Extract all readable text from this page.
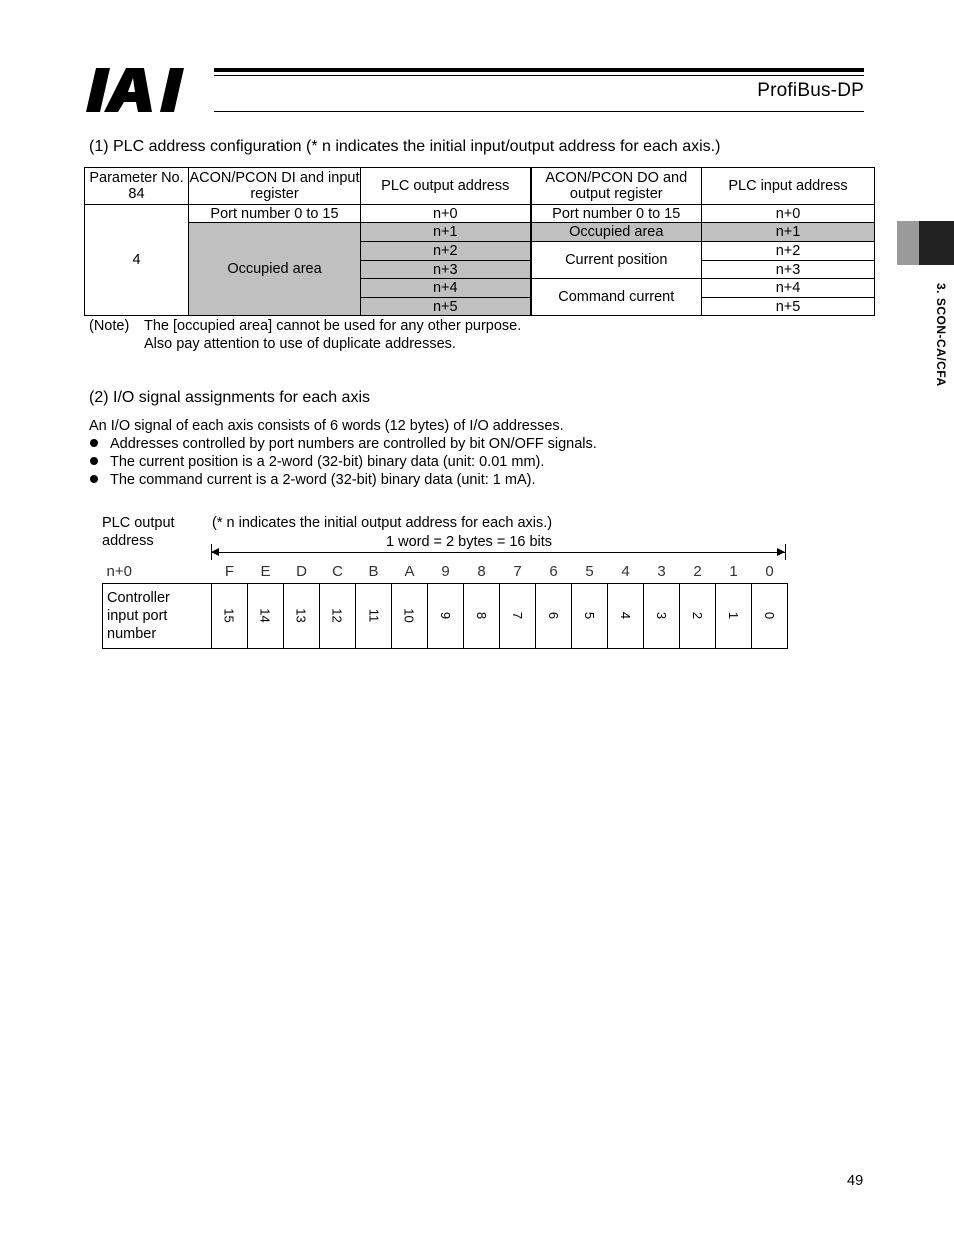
ProfiBus-DP
3. SCON-CA/CFA
(1) PLC address configuration (* n indicates the initial input/output address for each axis.)
Parameter No. 84	ACON/PCON DI and input register	PLC output address	ACON/PCON DO and output register	PLC input address
4	Port number 0 to 15	n+0	Port number 0 to 15	n+0
	Occupied area	n+1	Occupied area	n+1
		n+2	Current position	n+2
		n+3		n+3
		n+4	Command current	n+4
		n+5		n+5
(Note) The [occupied area] cannot be used for any other purpose.
Also pay attention to use of duplicate addresses.
(2) I/O signal assignments for each axis
An I/O signal of each axis consists of 6 words (12 bytes) of I/O addresses.
Addresses controlled by port numbers are controlled by bit ON/OFF signals.
The current position is a 2-word (32-bit) binary data (unit: 0.01 mm).
The command current is a 2-word (32-bit) binary data (unit: 1 mA).
PLC output
address
(* n indicates the initial output address for each axis.)
1 word = 2 bytes = 16 bits
n+0	F	E	D	C	B	A	9	8	7	6	5	4	3	2	1	0

Controller
input port
number	15	14	13	12	11	10	9	8	7	6	5	4	3	2	1	0
49
